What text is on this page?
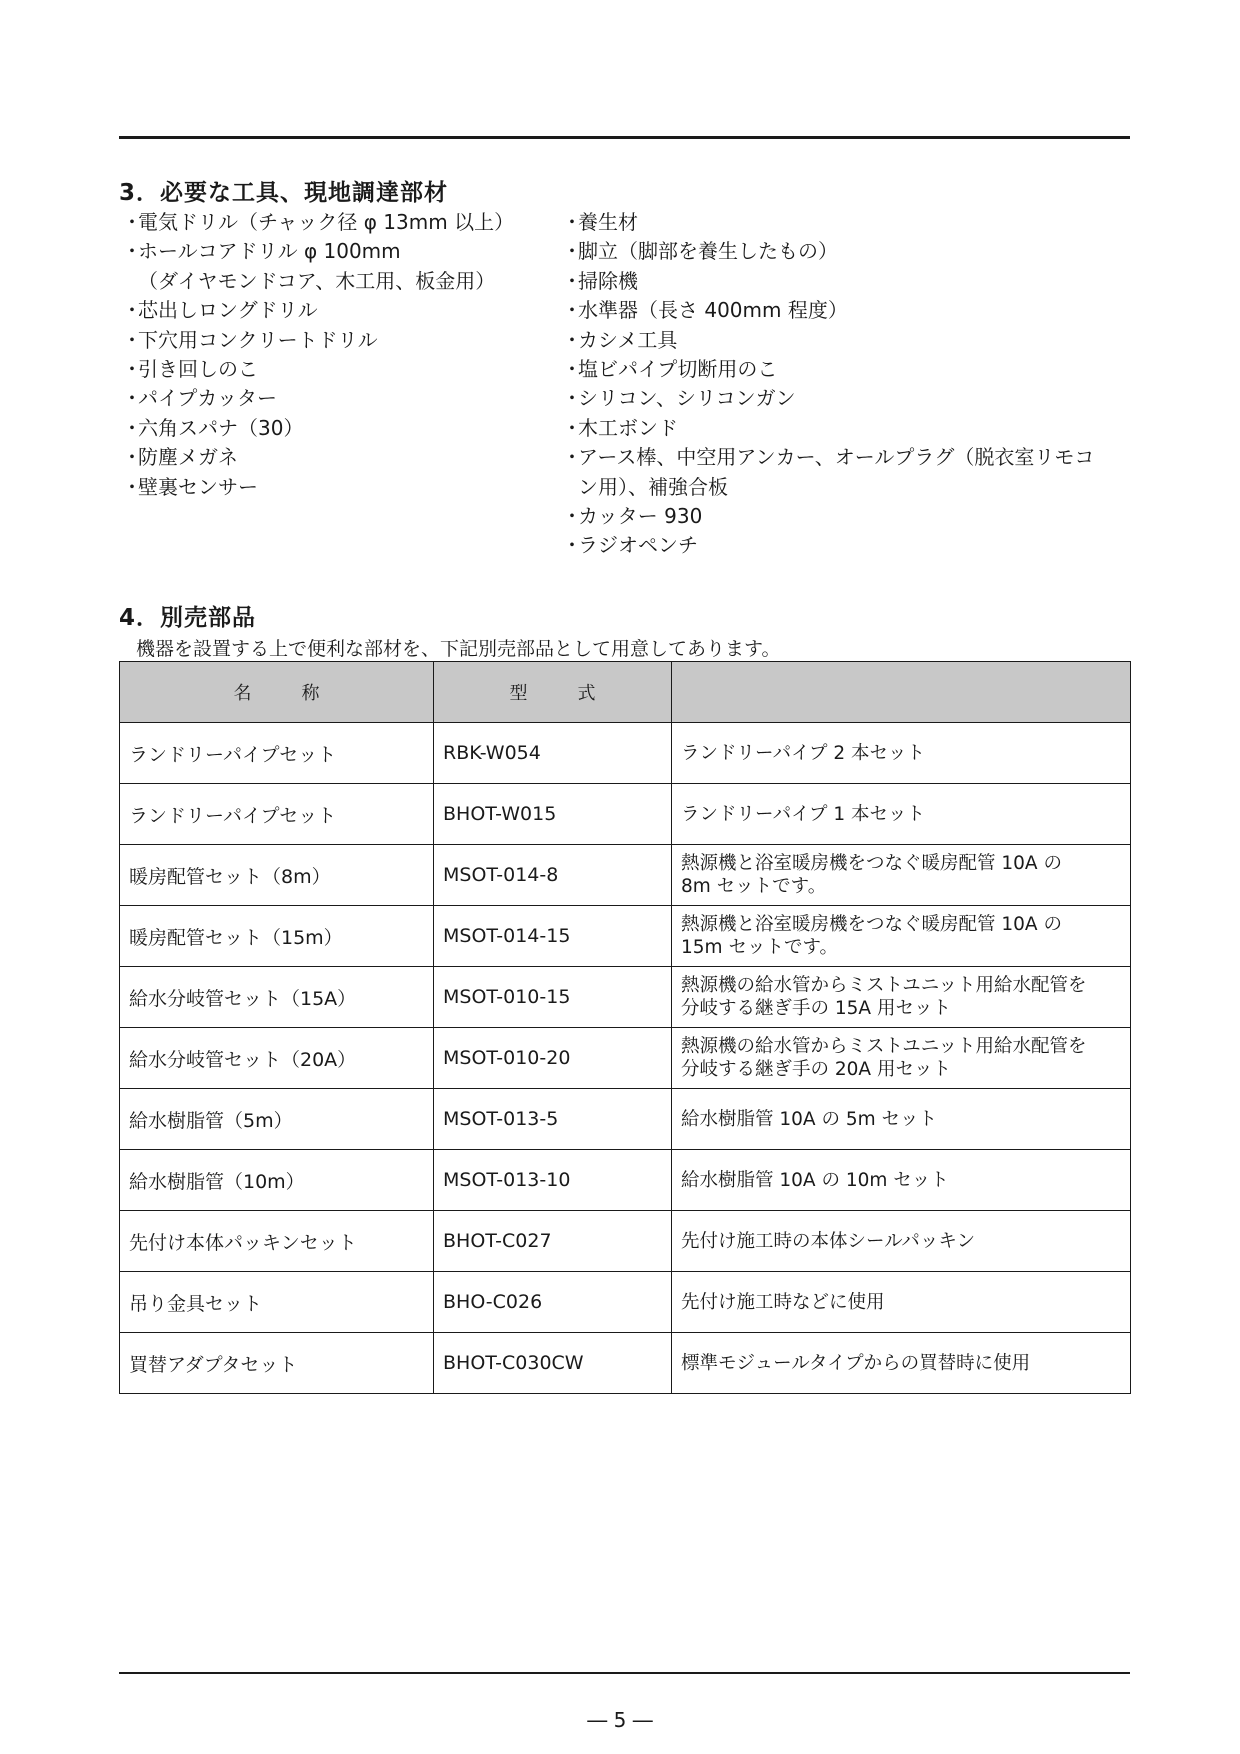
3．必要な工具、現地調達部材
・
電気ドリル（チャック径 φ 13mm 以上）
・
ホールコアドリル φ 100mm
（ダイヤモンドコア、木工用、板金用）
・
芯出しロングドリル
・
下穴用コンクリートドリル
・
引き回しのこ
・
パイプカッター
・
六角スパナ（30）
・
防塵メガネ
・
壁裏センサー
・
養生材
・
脚立（脚部を養生したもの）
・
掃除機
・
水準器（長さ 400mm 程度）
・
カシメ工具
・
塩ビパイプ切断用のこ
・
シリコン、シリコンガン
・
木工ボンド
・
アース棒、中空用アンカー、オールプラグ（脱衣室リモコ
ン用）、補強合板
・
カッター 930
・
ラジオペンチ
4．別売部品

機器を設置する上で便利な部材を、下記別売部品として用意してあります。

名称	型式	
ランドリーパイプセット	RBK-W054	ランドリーパイプ 2 本セット
ランドリーパイプセット	BHOT-W015	ランドリーパイプ 1 本セット
暖房配管セット（8m）	MSOT-014-8	熱源機と浴室暖房機をつなぐ暖房配管 10A の
8m セットです。
暖房配管セット（15m）	MSOT-014-15	熱源機と浴室暖房機をつなぐ暖房配管 10A の
15m セットです。
給水分岐管セット（15A）	MSOT-010-15	熱源機の給水管からミストユニット用給水配管を
分岐する継ぎ手の 15A 用セット
給水分岐管セット（20A）	MSOT-010-20	熱源機の給水管からミストユニット用給水配管を
分岐する継ぎ手の 20A 用セット
給水樹脂管（5m）	MSOT-013-5	給水樹脂管 10A の 5m セット
給水樹脂管（10m）	MSOT-013-10	給水樹脂管 10A の 10m セット
先付け本体パッキンセット	BHOT-C027	先付け施工時の本体シールパッキン
吊り金具セット	BHO-C026	先付け施工時などに使用
買替アダプタセット	BHOT-C030CW	標準モジュールタイプからの買替時に使用

― 5 ―
